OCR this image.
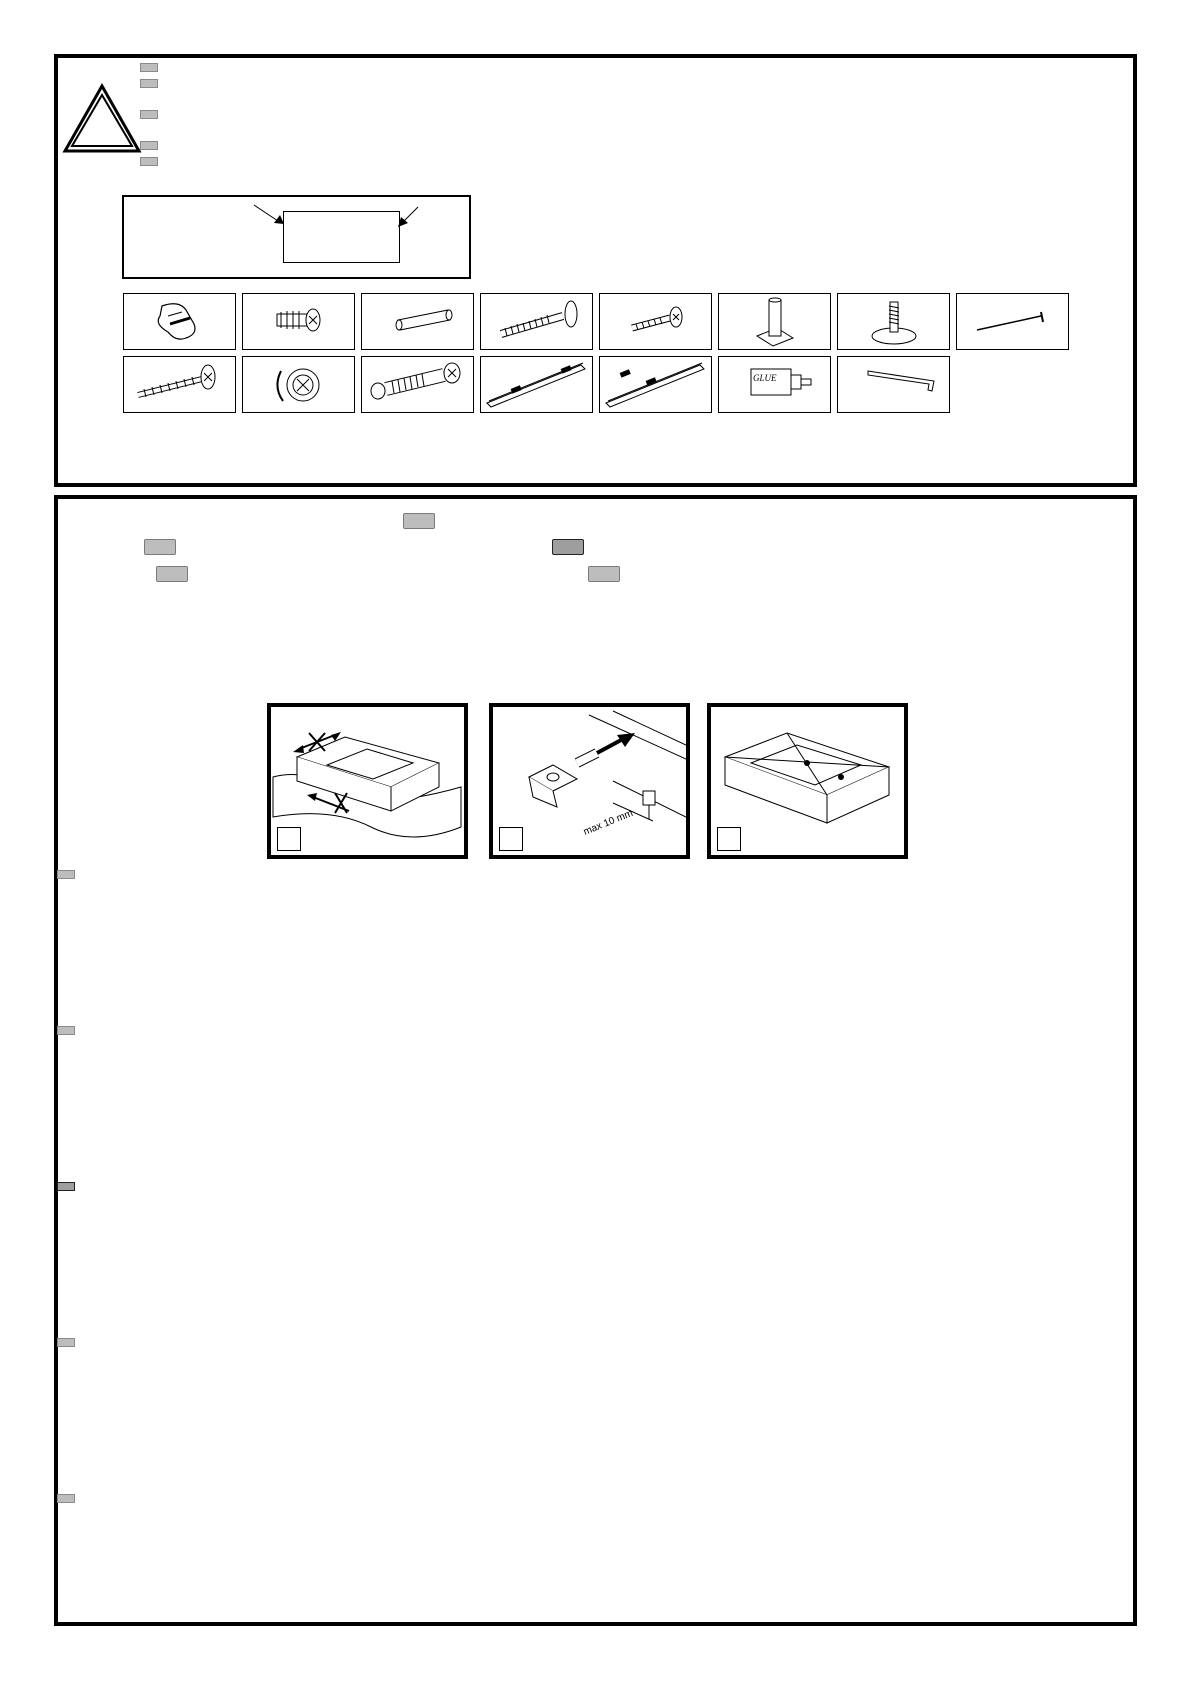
GLUE
max 10 mm
